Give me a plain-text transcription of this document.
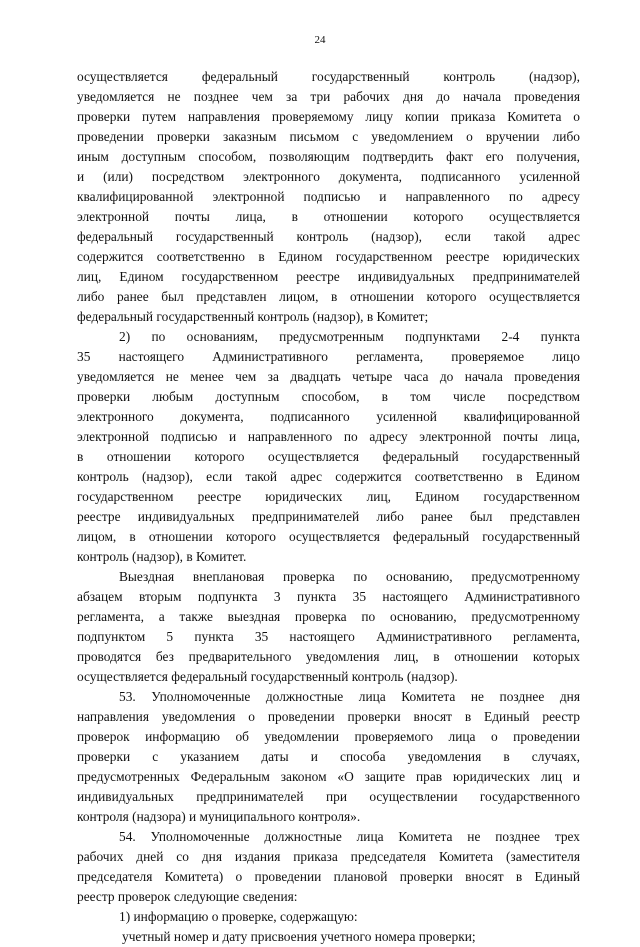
24
осуществляется федеральный государственный контроль (надзор),
уведомляется не позднее чем за три рабочих дня до начала проведения
проверки путем направления проверяемому лицу копии приказа Комитета о
проведении проверки заказным письмом с уведомлением о вручении либо
иным доступным способом, позволяющим подтвердить факт его получения,
и (или) посредством электронного документа, подписанного усиленной
квалифицированной электронной подписью и направленного по адресу
электронной почты лица, в отношении которого осуществляется
федеральный государственный контроль (надзор), если такой адрес
содержится соответственно в Едином государственном реестре юридических
лиц, Едином государственном реестре индивидуальных предпринимателей
либо ранее был представлен лицом, в отношении которого осуществляется
федеральный государственный контроль (надзор), в Комитет;
2) по основаниям, предусмотренным подпунктами 2-4 пункта
35 настоящего Административного регламента, проверяемое лицо
уведомляется не менее чем за двадцать четыре часа до начала проведения
проверки любым доступным способом, в том числе посредством
электронного документа, подписанного усиленной квалифицированной
электронной подписью и направленного по адресу электронной почты лица,
в отношении которого осуществляется федеральный государственный
контроль (надзор), если такой адрес содержится соответственно в Едином
государственном реестре юридических лиц, Едином государственном
реестре индивидуальных предпринимателей либо ранее был представлен
лицом, в отношении которого осуществляется федеральный государственный
контроль (надзор), в Комитет.
Выездная внеплановая проверка по основанию, предусмотренному
абзацем вторым подпункта 3 пункта 35 настоящего Административного
регламента, а также выездная проверка по основанию, предусмотренному
подпунктом 5 пункта 35 настоящего Административного регламента,
проводятся без предварительного уведомления лиц, в отношении которых
осуществляется федеральный государственный контроль (надзор).
53. Уполномоченные должностные лица Комитета не позднее дня
направления уведомления о проведении проверки вносят в Единый реестр
проверок информацию об уведомлении проверяемого лица о проведении
проверки с указанием даты и способа уведомления в случаях,
предусмотренных Федеральным законом «О защите прав юридических лиц и
индивидуальных предпринимателей при осуществлении государственного
контроля (надзора) и муниципального контроля».
54. Уполномоченные должностные лица Комитета не позднее трех
рабочих дней со дня издания приказа председателя Комитета (заместителя
председателя Комитета) о проведении плановой проверки вносят в Единый
реестр проверок следующие сведения:
1) информацию о проверке, содержащую:
учетный номер и дату присвоения учетного номера проверки;
